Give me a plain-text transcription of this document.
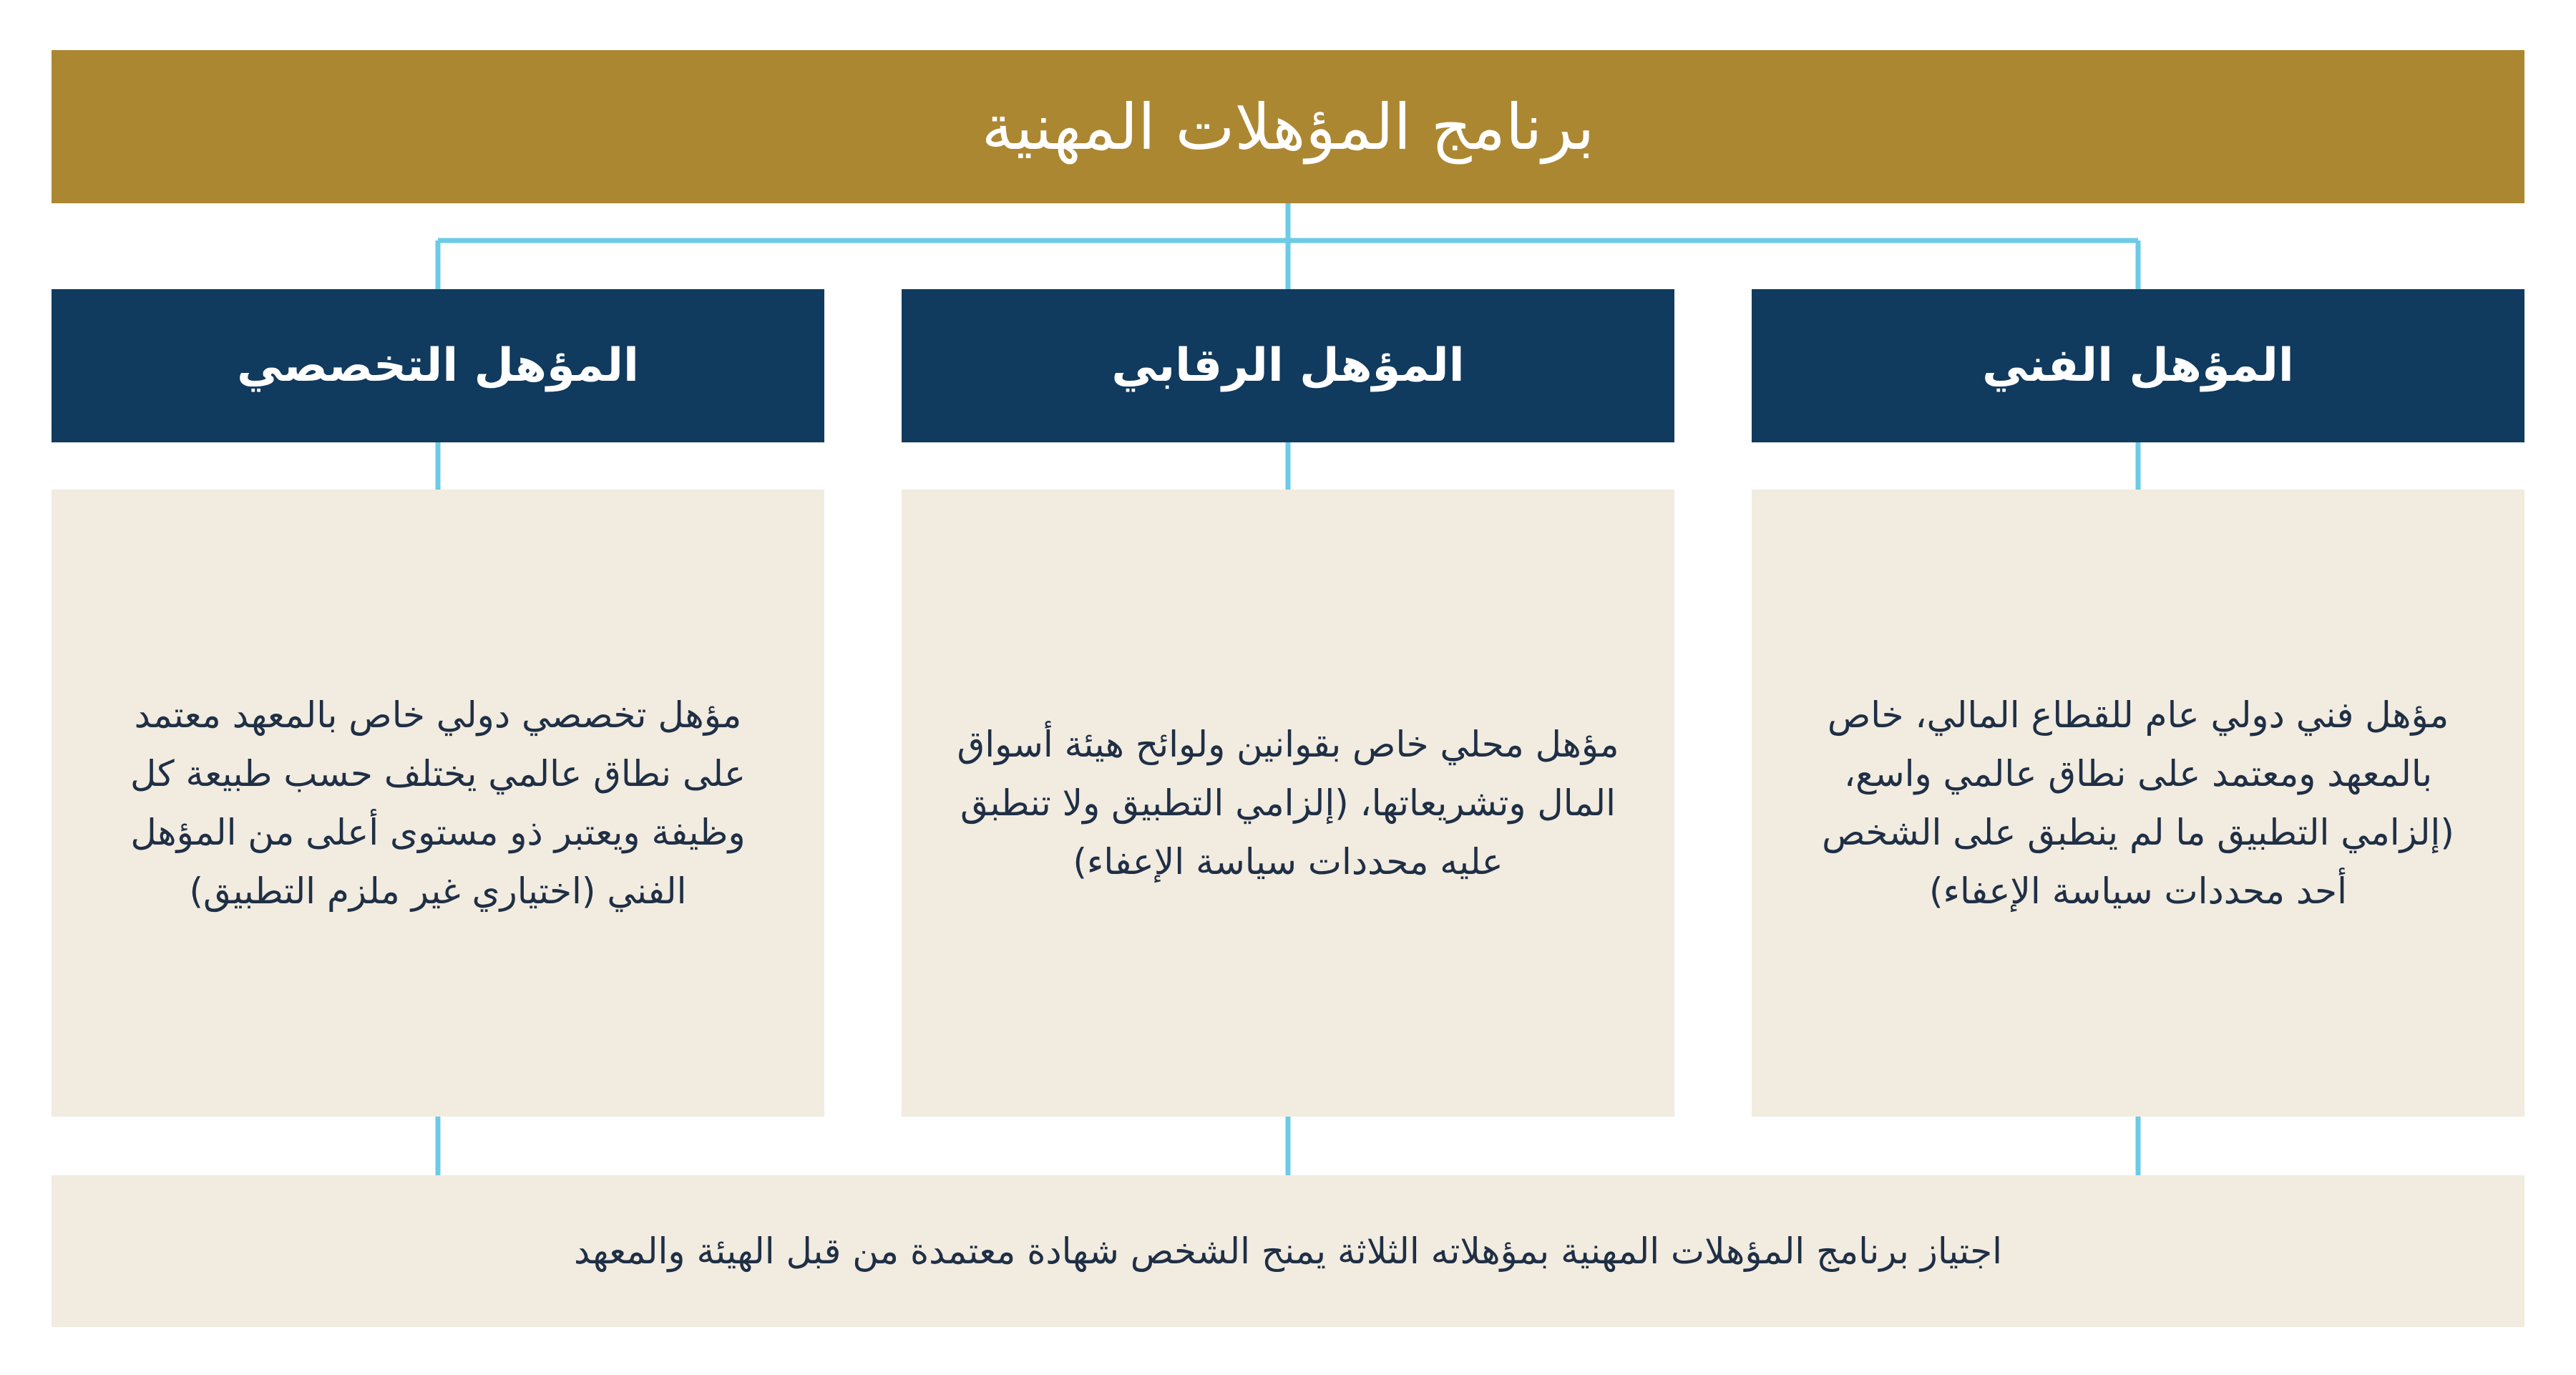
برنامج المؤهلات المهنية
المؤهل الفني
المؤهل الرقابي
المؤهل التخصصي
مؤهل فني دولي عام للقطاع المالي، خاص بالمعهد ومعتمد على نطاق عالمي واسع، (إلزامي التطبيق ما لم ينطبق على الشخص أحد محددات سياسة الإعفاء)
مؤهل محلي خاص بقوانين ولوائح هيئة أسواق المال وتشريعاتها، (إلزامي التطبيق ولا تنطبق عليه محددات سياسة الإعفاء)
مؤهل تخصصي دولي خاص بالمعهد معتمد على نطاق عالمي يختلف حسب طبيعة كل وظيفة ويعتبر ذو مستوى أعلى من المؤهل الفني (اختياري غير ملزم التطبيق)
اجتياز برنامج المؤهلات المهنية بمؤهلاته الثلاثة يمنح الشخص شهادة معتمدة من قبل الهيئة والمعهد
